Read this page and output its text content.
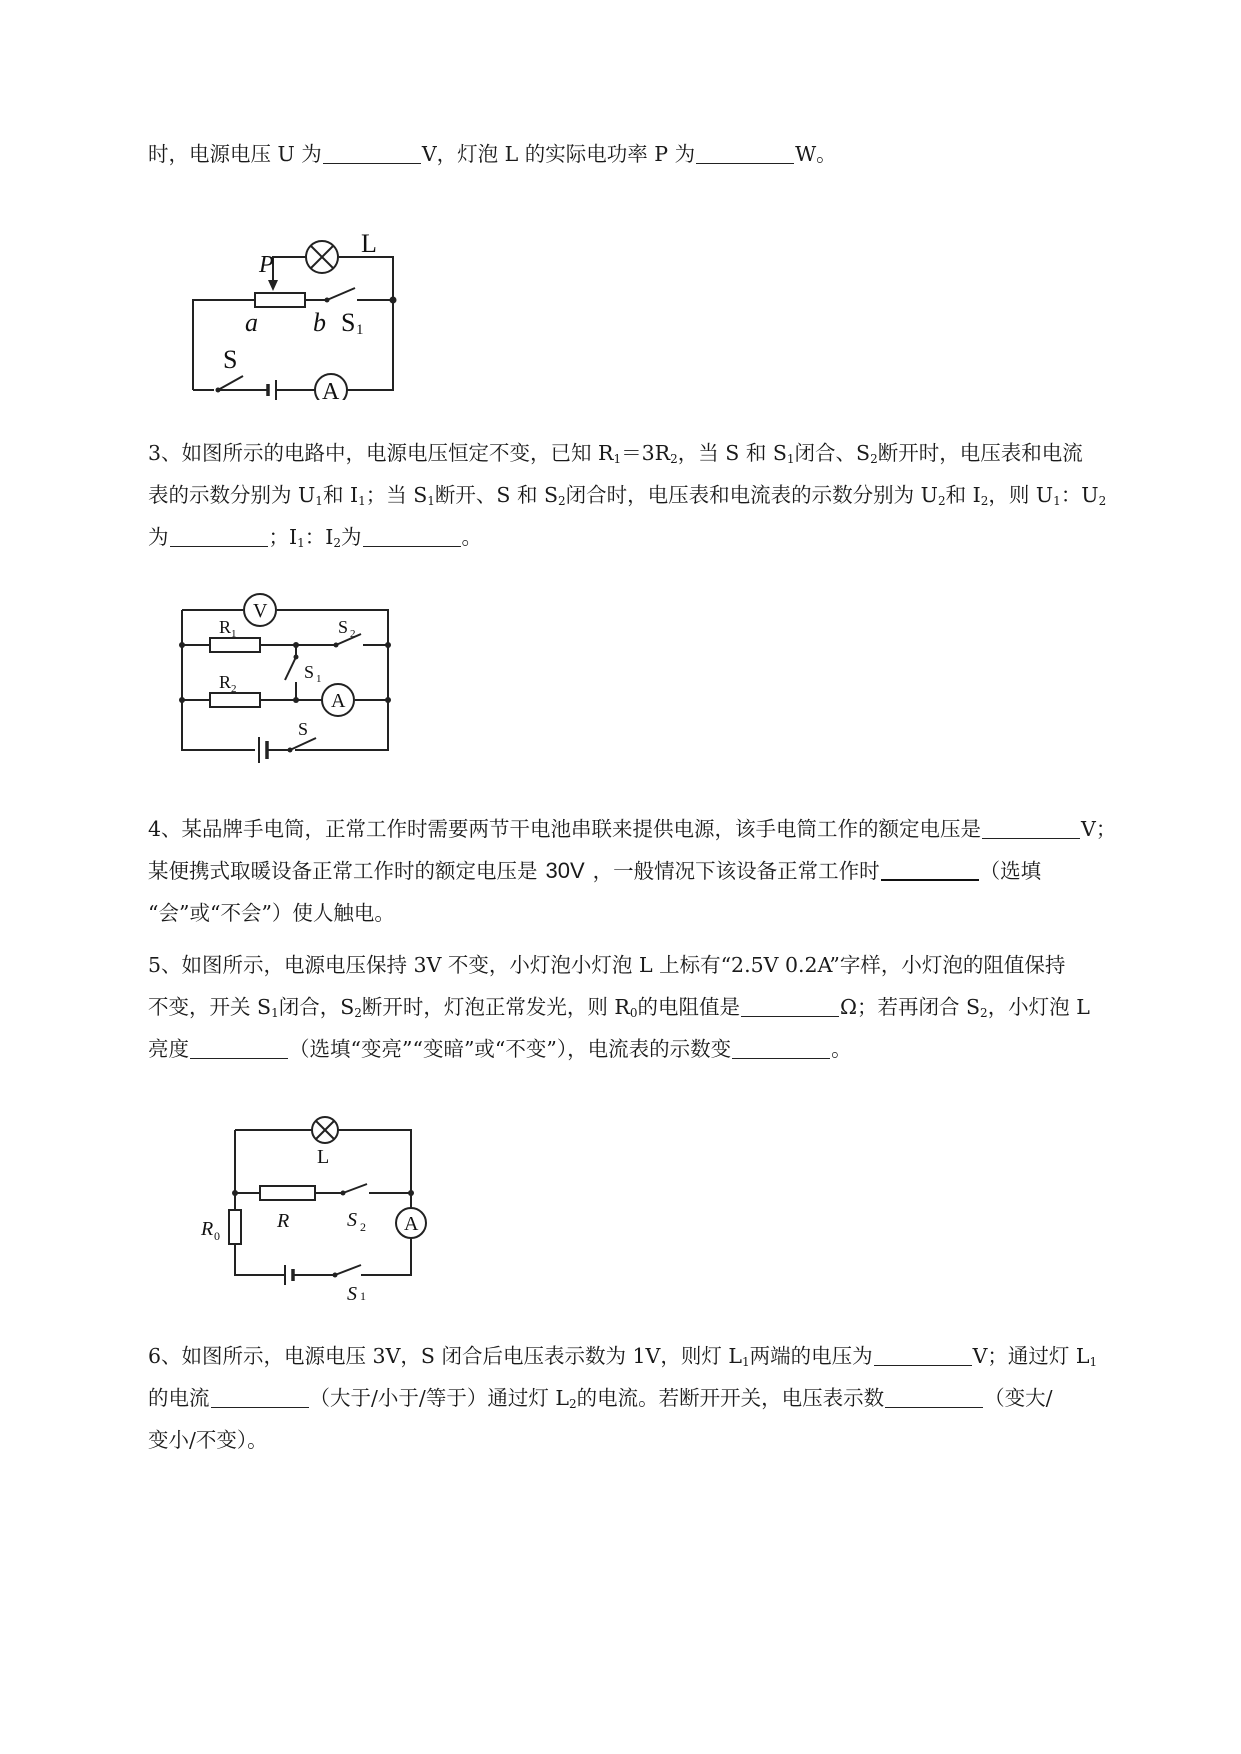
时，电源电压 U 为	V，灯泡 L 的实际电功率 P 为	W。
L
P
a b S 1
S
A
3、如图所示的电路中，电源电压恒定不变，已知 $R_1=3R_2$，当 S 和 $S_1$闭合、$S_2$断开时，电压表和电流
表的示数分别为 $U_1$和 $I_1$；当 $S_1$断开、S 和 $S_2$闭合时，电压表和电流表的示数分别为 $U_2$和 $I_2$，则 $U_1$：$U_2$
为	；$I_1$：$I_2$为	。
V
R 1	S 2
S 1
R 2
A
S
4、某品牌手电筒，正常工作时需要两节干电池串联来提供电源，该手电筒工作的额定电压是	V；
某便携式取暖设备正常工作时的额定电压是 30V ，一般情况下该设备正常工作时	（选填
“会”或“不会”）使人触电。
5、如图所示，电源电压保持 3V 不变，小灯泡小灯泡 L 上标有“2.5V 0.2A”字样，小灯泡的阻值保持
不变，开关 $S_1$闭合，$S_2$断开时，灯泡正常发光，则 $R_0$的电阻值是	Ω；若再闭合 $S_2$，小灯泡 L
亮度	（选填“变亮”“变暗”或“不变”），电流表的示数变	。
L
R	S 2 A
R 0
S 1
6、如图所示，电源电压 3V，S 闭合后电压表示数为 1V，则灯 $L_1$两端的电压为	V；通过灯 $L_1$
的电流	（大于/小于/等于）通过灯 $L_2$的电流。若断开开关，电压表示数	（变大/
变小/不变）。
